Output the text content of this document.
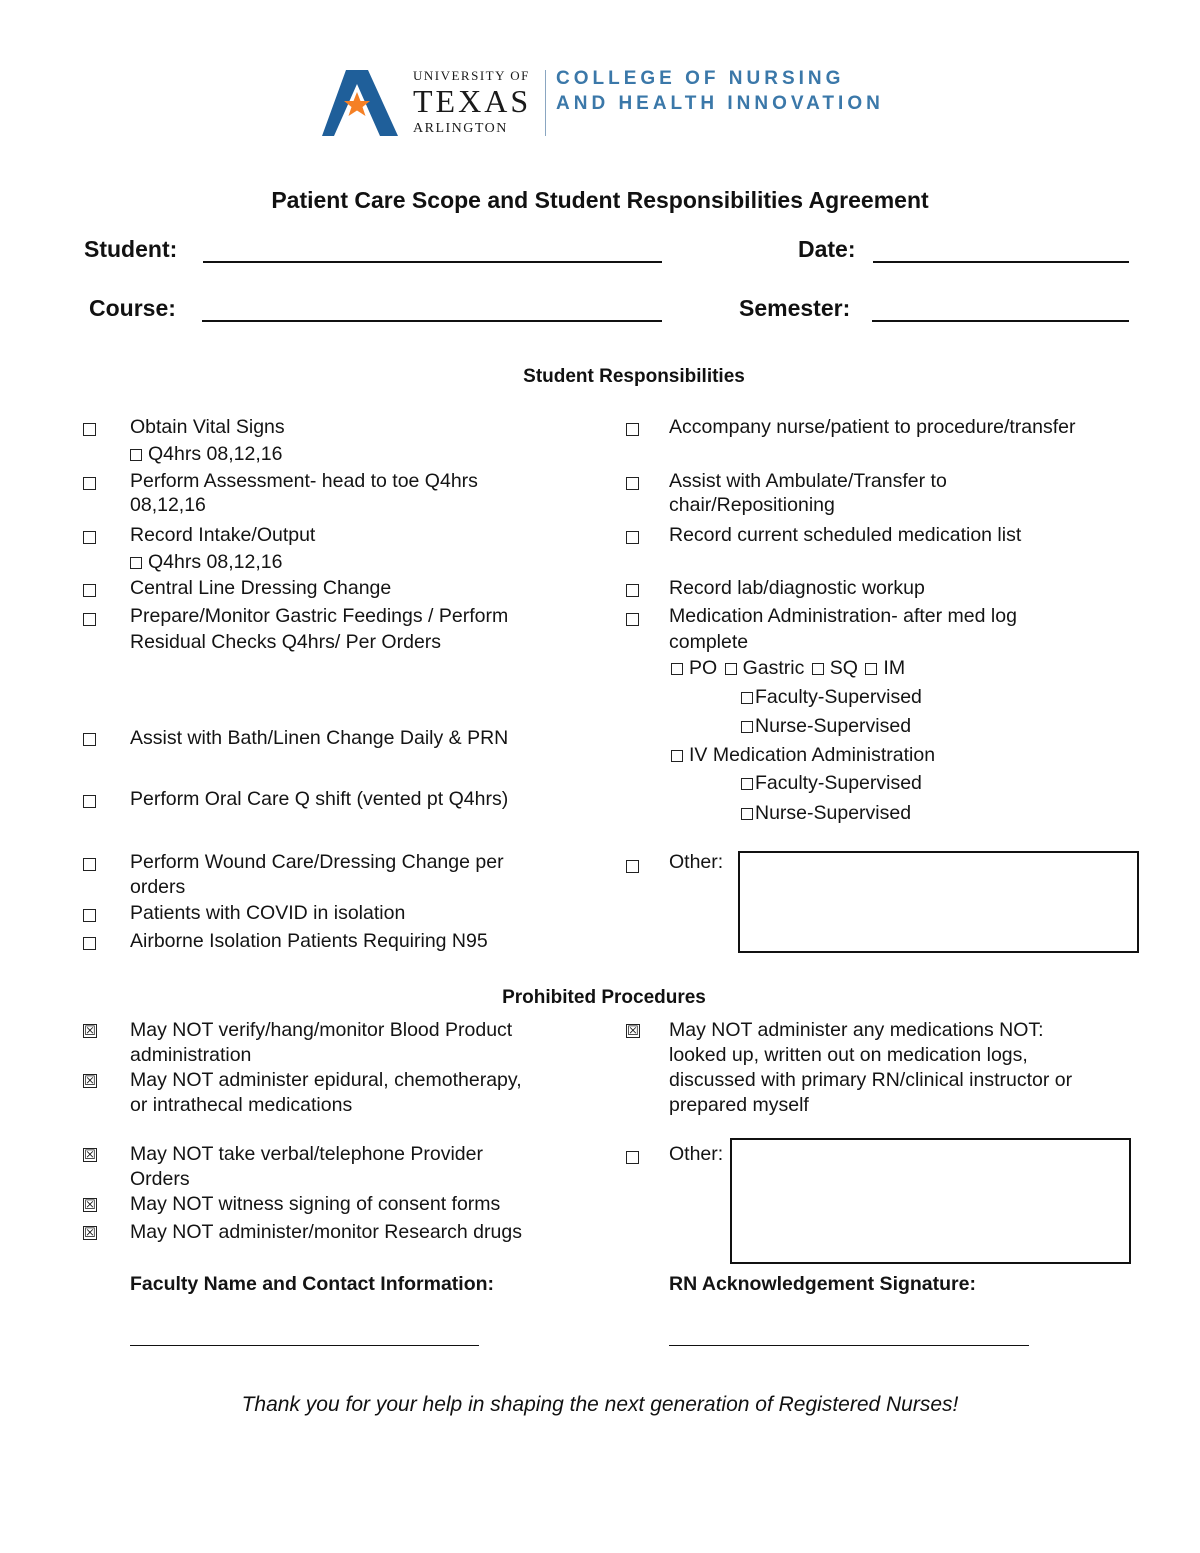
UNIVERSITY OF
TEXAS
ARLINGTON
COLLEGE OF NURSING
AND HEALTH INNOVATION
Patient Care Scope and Student Responsibilities Agreement
Student:	Date:
Course:	Semester:
Student Responsibilities
Obtain Vital Signs
Q4hrs 08,12,16
Perform Assessment- head to toe Q4hrs
08,12,16
Record Intake/Output
Q4hrs 08,12,16
Central Line Dressing Change
Prepare/Monitor Gastric Feedings / Perform
Residual Checks Q4hrs/ Per Orders
Assist with Bath/Linen Change Daily & PRN
Perform Oral Care Q shift (vented pt Q4hrs)
Perform Wound Care/Dressing Change per
orders
Patients with COVID in isolation
Airborne Isolation Patients Requiring N95
Accompany nurse/patient to procedure/transfer
Assist with Ambulate/Transfer to
chair/Repositioning
Record current scheduled medication list
Record lab/diagnostic workup
Medication Administration- after med log
complete
PO Gastric SQ IM
Faculty-Supervised
Nurse-Supervised
IV Medication Administration
Faculty-Supervised
Nurse-Supervised
Other:
Prohibited Procedures
☒ May NOT verify/hang/monitor Blood Product
administration
☒ May NOT administer epidural, chemotherapy,
or intrathecal medications
☒ May NOT take verbal/telephone Provider
Orders
☒ May NOT witness signing of consent forms
☒ May NOT administer/monitor Research drugs
☒ May NOT administer any medications NOT:
looked up, written out on medication logs,
discussed with primary RN/clinical instructor or
prepared myself
Other:
Faculty Name and Contact Information:	RN Acknowledgement Signature:
Thank you for your help in shaping the next generation of Registered Nurses!
